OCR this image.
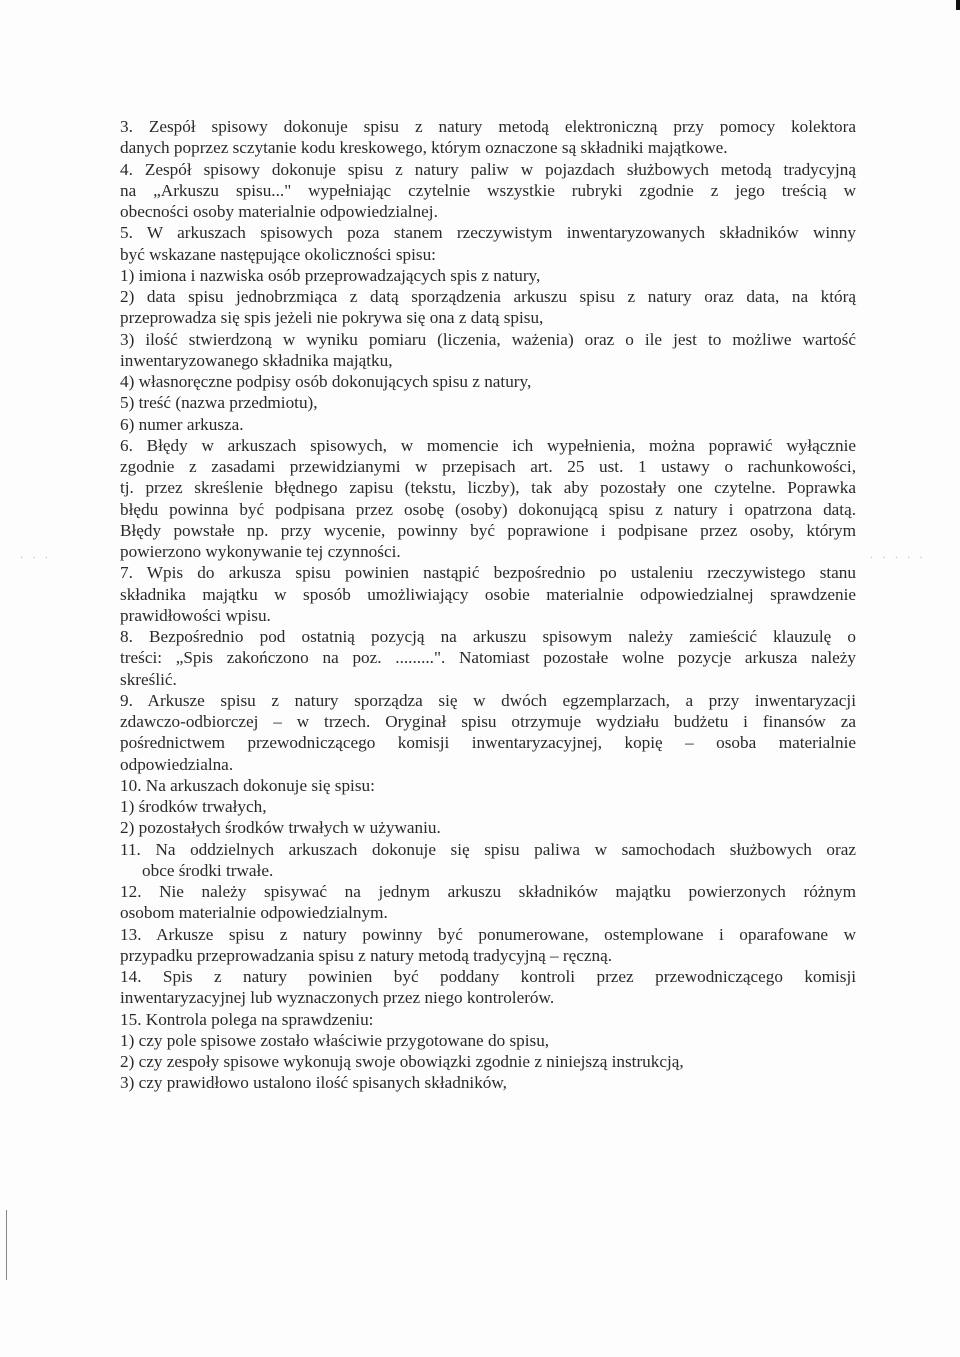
· · ·	· · · · ·
3. Zespół spisowy dokonuje spisu z natury metodą elektroniczną przy pomocy kolektora
danych poprzez sczytanie kodu kreskowego, którym oznaczone są składniki majątkowe.
4. Zespół spisowy dokonuje spisu z natury paliw w pojazdach służbowych metodą tradycyjną
na „Arkuszu spisu..." wypełniając czytelnie wszystkie rubryki zgodnie z jego treścią w
obecności osoby materialnie odpowiedzialnej.
5. W arkuszach spisowych poza stanem rzeczywistym inwentaryzowanych składników winny
być wskazane następujące okoliczności spisu:
1) imiona i nazwiska osób przeprowadzających spis z natury,
2) data spisu jednobrzmiąca z datą sporządzenia arkuszu spisu z natury oraz data, na którą
przeprowadza się spis jeżeli nie pokrywa się ona z datą spisu,
3) ilość stwierdzoną w wyniku pomiaru (liczenia, ważenia) oraz o ile jest to możliwe wartość
inwentaryzowanego składnika majątku,
4) własnoręczne podpisy osób dokonujących spisu z natury,
5) treść (nazwa przedmiotu),
6) numer arkusza.
6. Błędy w arkuszach spisowych, w momencie ich wypełnienia, można poprawić wyłącznie
zgodnie z zasadami przewidzianymi w przepisach art. 25 ust. 1 ustawy o rachunkowości,
tj. przez skreślenie błędnego zapisu (tekstu, liczby), tak aby pozostały one czytelne. Poprawka
błędu powinna być podpisana przez osobę (osoby) dokonującą spisu z natury i opatrzona datą.
Błędy powstałe np. przy wycenie, powinny być poprawione i podpisane przez osoby, którym
powierzono wykonywanie tej czynności.
7. Wpis do arkusza spisu powinien nastąpić bezpośrednio po ustaleniu rzeczywistego stanu
składnika majątku w sposób umożliwiający osobie materialnie odpowiedzialnej sprawdzenie
prawidłowości wpisu.
8. Bezpośrednio pod ostatnią pozycją na arkuszu spisowym należy zamieścić klauzulę o
treści: „Spis zakończono na poz. .........". Natomiast pozostałe wolne pozycje arkusza należy
skreślić.
9. Arkusze spisu z natury sporządza się w dwóch egzemplarzach, a przy inwentaryzacji
zdawczo-odbiorczej – w trzech. Oryginał spisu otrzymuje wydziału budżetu i finansów za
pośrednictwem przewodniczącego komisji inwentaryzacyjnej, kopię – osoba materialnie
odpowiedzialna.
10. Na arkuszach dokonuje się spisu:
1) środków trwałych,
2) pozostałych środków trwałych w używaniu.
11. Na oddzielnych arkuszach dokonuje się spisu paliwa w samochodach służbowych oraz
obce środki trwałe.
12. Nie należy spisywać na jednym arkuszu składników majątku powierzonych różnym
osobom materialnie odpowiedzialnym.
13. Arkusze spisu z natury powinny być ponumerowane, ostemplowane i oparafowane w
przypadku przeprowadzania spisu z natury metodą tradycyjną – ręczną.
14. Spis z natury powinien być poddany kontroli przez przewodniczącego komisji
inwentaryzacyjnej lub wyznaczonych przez niego kontrolerów.
15. Kontrola polega na sprawdzeniu:
1) czy pole spisowe zostało właściwie przygotowane do spisu,
2) czy zespoły spisowe wykonują swoje obowiązki zgodnie z niniejszą instrukcją,
3) czy prawidłowo ustalono ilość spisanych składników,
